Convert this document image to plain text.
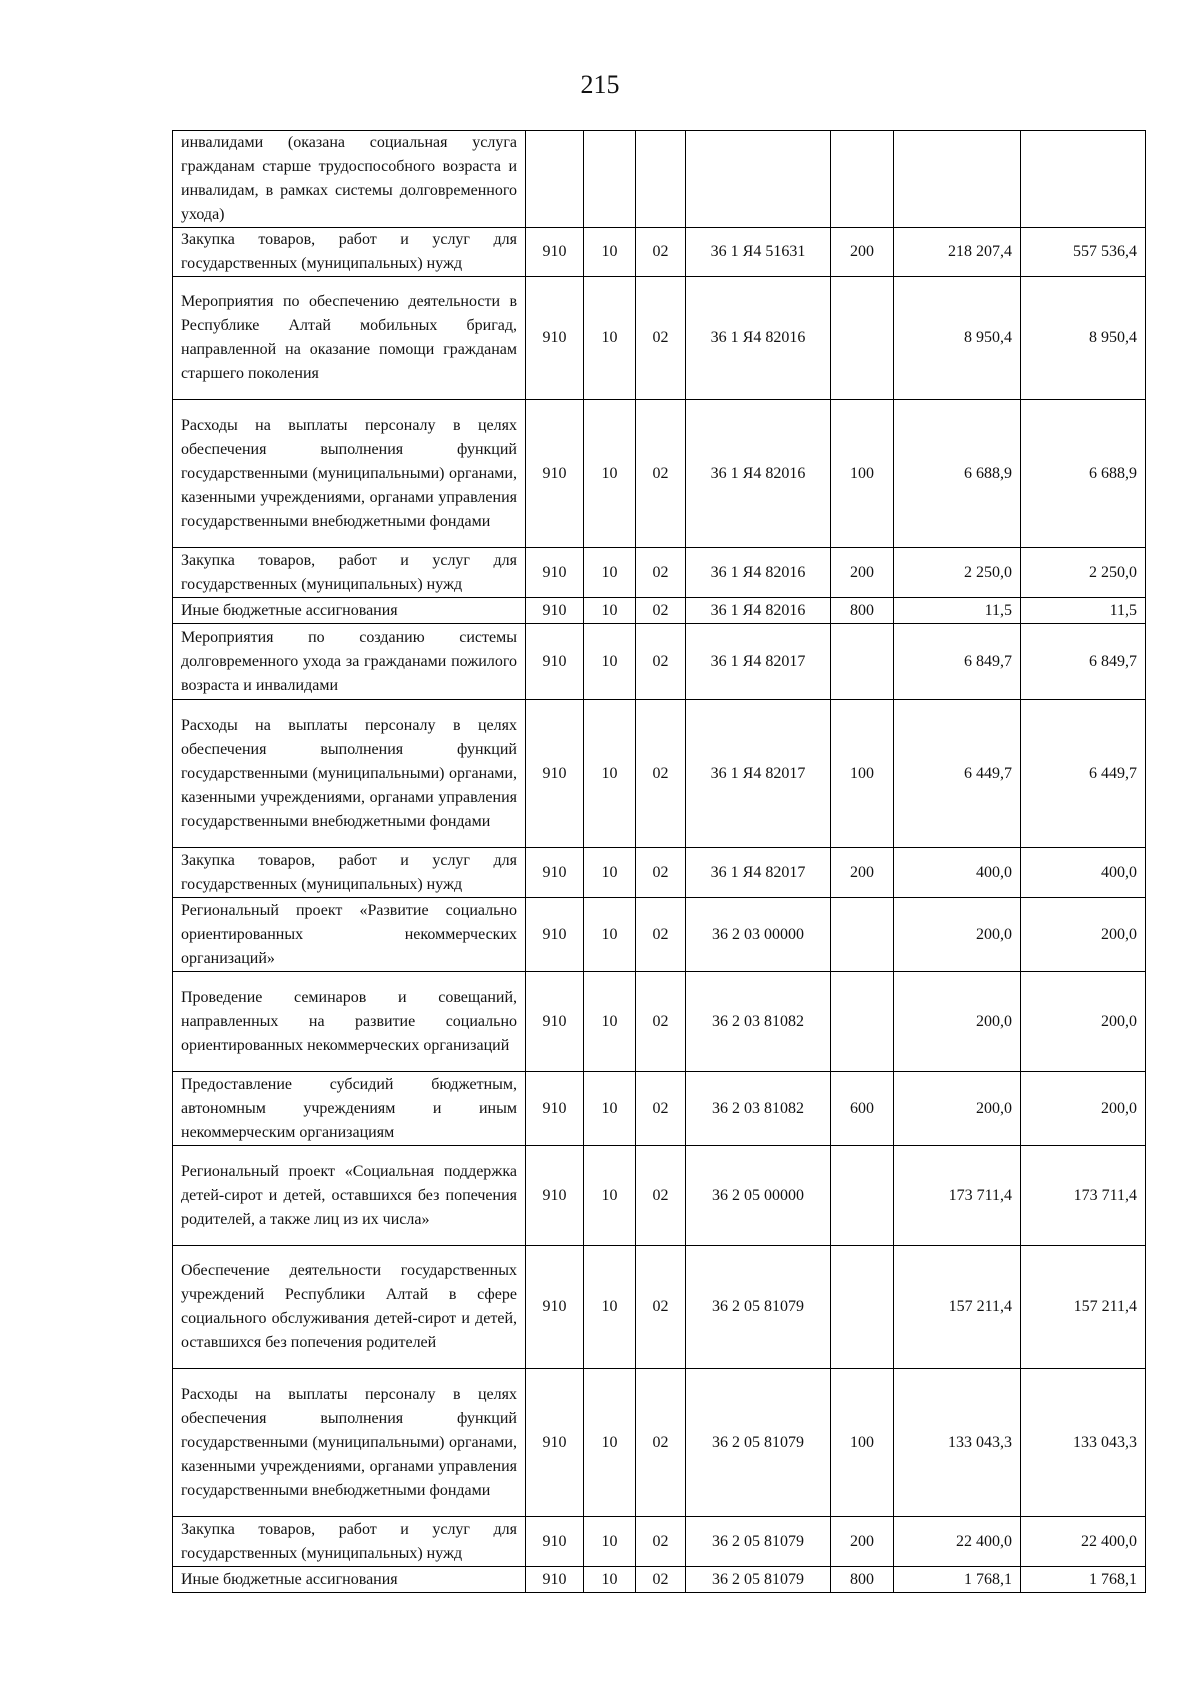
215
инвалидами (оказана социальная услуга гражданам старше трудоспособного возраста и инвалидам, в рамках системы долговременного ухода)							
Закупка товаров, работ и услуг для государственных (муниципальных) нужд	910	10	02	36 1 Я4 51631	200	218 207,4	557 536,4
Мероприятия по обеспечению деятельности в Республике Алтай мобильных бригад, направленной на оказание помощи гражданам старшего поколения	910	10	02	36 1 Я4 82016		8 950,4	8 950,4
Расходы на выплаты персоналу в целях обеспечения выполнения функций государственными (муниципальными) органами, казенными учреждениями, органами управления государственными внебюджетными фондами	910	10	02	36 1 Я4 82016	100	6 688,9	6 688,9
Закупка товаров, работ и услуг для государственных (муниципальных) нужд	910	10	02	36 1 Я4 82016	200	2 250,0	2 250,0
Иные бюджетные ассигнования	910	10	02	36 1 Я4 82016	800	11,5	11,5
Мероприятия по созданию системы долговременного ухода за гражданами пожилого возраста и инвалидами	910	10	02	36 1 Я4 82017		6 849,7	6 849,7
Расходы на выплаты персоналу в целях обеспечения выполнения функций государственными (муниципальными) органами, казенными учреждениями, органами управления государственными внебюджетными фондами	910	10	02	36 1 Я4 82017	100	6 449,7	6 449,7
Закупка товаров, работ и услуг для государственных (муниципальных) нужд	910	10	02	36 1 Я4 82017	200	400,0	400,0
Региональный проект «Развитие социально ориентированных некоммерческих организаций»	910	10	02	36 2 03 00000		200,0	200,0
Проведение семинаров и совещаний, направленных на развитие социально ориентированных некоммерческих организаций	910	10	02	36 2 03 81082		200,0	200,0
Предоставление субсидий бюджетным, автономным учреждениям и иным некоммерческим организациям	910	10	02	36 2 03 81082	600	200,0	200,0
Региональный проект «Социальная поддержка детей-сирот и детей, оставшихся без попечения родителей, а также лиц из их числа»	910	10	02	36 2 05 00000		173 711,4	173 711,4
Обеспечение деятельности государственных учреждений Республики Алтай в сфере социального обслуживания детей-сирот и детей, оставшихся без попечения родителей	910	10	02	36 2 05 81079		157 211,4	157 211,4
Расходы на выплаты персоналу в целях обеспечения выполнения функций государственными (муниципальными) органами, казенными учреждениями, органами управления государственными внебюджетными фондами	910	10	02	36 2 05 81079	100	133 043,3	133 043,3
Закупка товаров, работ и услуг для государственных (муниципальных) нужд	910	10	02	36 2 05 81079	200	22 400,0	22 400,0
Иные бюджетные ассигнования	910	10	02	36 2 05 81079	800	1 768,1	1 768,1
